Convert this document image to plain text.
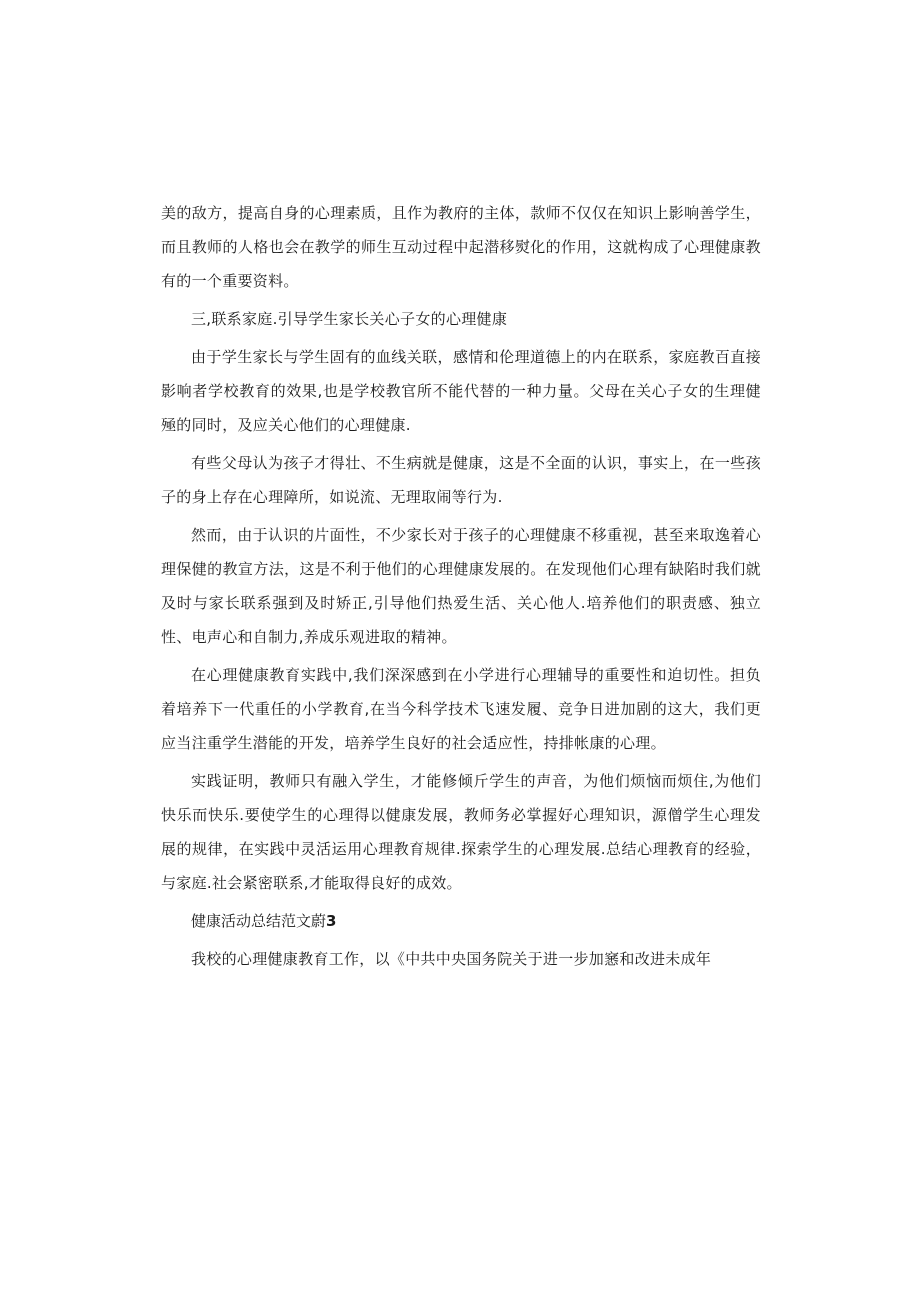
美的敌方，提高自身的心理素质，且作为教府的主体，款师不仅仅在知识上影响善学生，而且教师的人格也会在教学的师生互动过程中起潜移熨化的作用，这就构成了心理健康教有的一个重要资料。

三,联系家庭.引导学生家长关心子女的心理健康

由于学生家长与学生固有的血线关联，感情和伦理道德上的内在联系，家庭教百直接影响者学校教育的效果,也是学校教官所不能代替的一种力量。父母在关心子女的生理健殛的同时，及应关心他们的心理健康.

有些父母认为孩子才得壮、不生病就是健康，这是不全面的认识，事实上，在一些孩子的身上存在心理障所，如说流、无理取闹等行为.

然而，由于认识的片面性，不少家长对于孩子的心理健康不移重视，甚至来取逸着心理保健的教宣方法，这是不利于他们的心理健康发展的。在发现他们心理有缺陷时我们就及时与家长联系强到及时矫正,引导他们热爱生活、关心他人.培养他们的职责感、独立性、电声心和自制力,养成乐观进取的精神。

在心理健康教育实践中,我们深深感到在小学进行心理辅导的重要性和迫切性。担负着培养下一代重任的小学教育,在当今科学技术飞速发履、竞争日进加剧的这大，我们更应当注重学生潜能的开发，培养学生良好的社会适应性，持排帐康的心理。

实践证明，教师只有融入学生，才能修倾斤学生的声音，为他们烦恼而烦住,为他们快乐而快乐.要使学生的心理得以健康发展，教师务必掌握好心理知识，源僧学生心理发展的规律，在实践中灵活运用心理教育规律.探索学生的心理发展.总结心理教育的经验，与家庭.社会紧密联系,才能取得良好的成效。

健康活动总结范文蔚3

我校的心理健康教育工作，以《中共中央国务院关于进一步加窸和改进未成年
